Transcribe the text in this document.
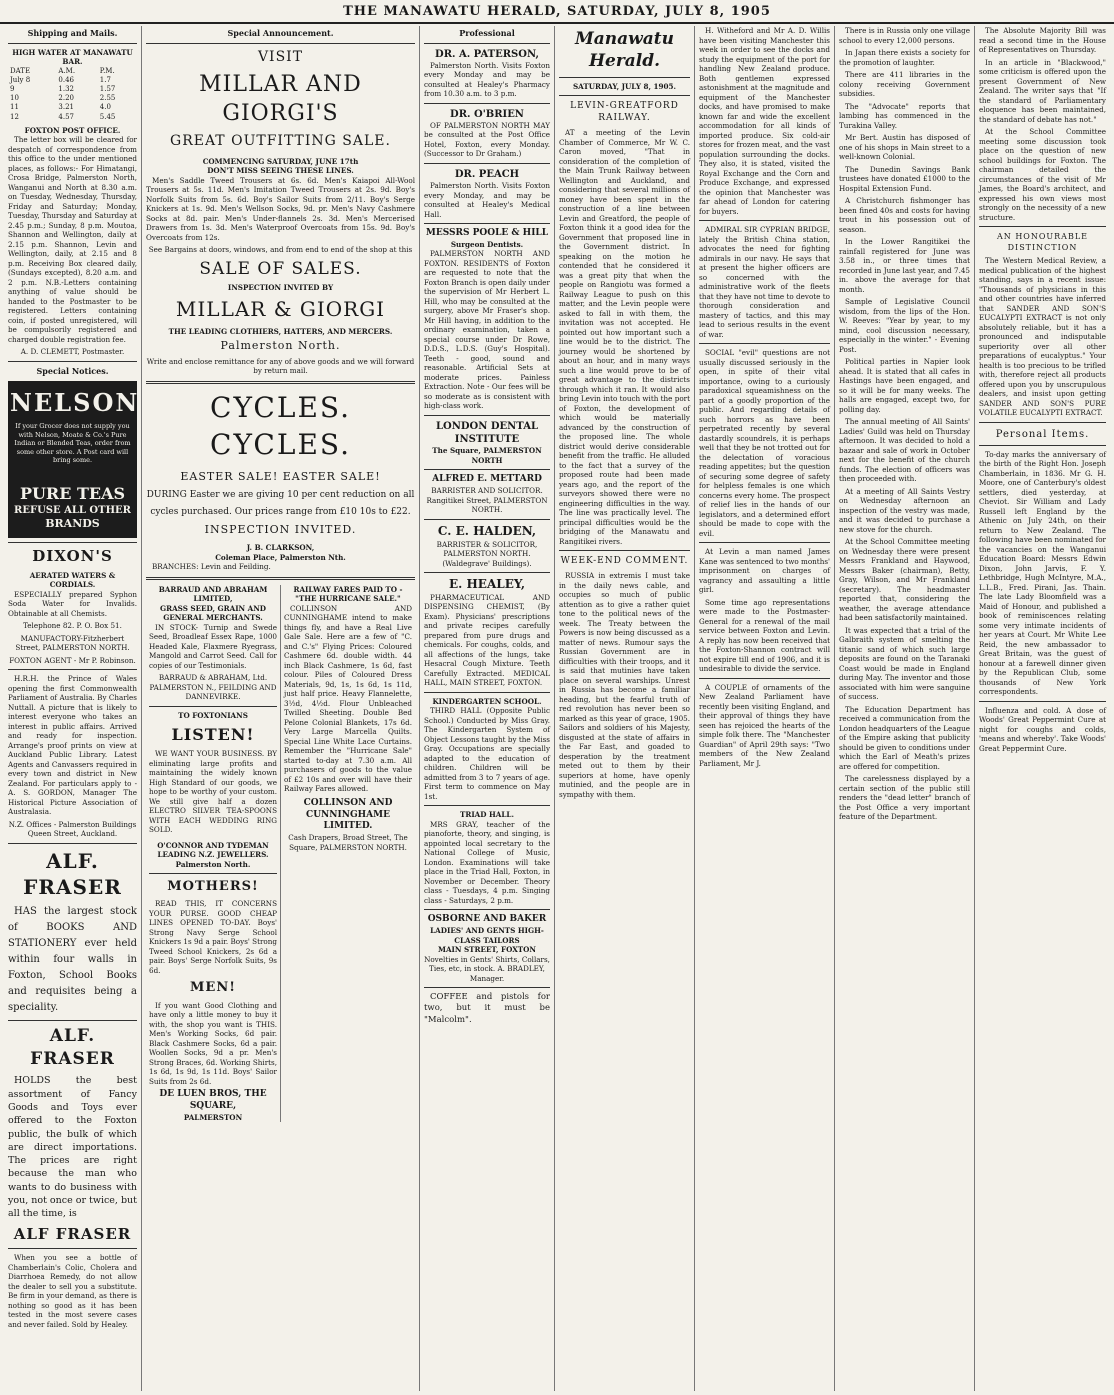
THE MANAWATU HERALD, SATURDAY, JULY 8, 1905
Shipping and Mails.
HIGH WATER AT MANAWATU BAR.
DATE	A.M.	P.M.
July 8	0.46	1.7
9	1.32	1.57
10	2.20	2.55
11	3.21	4.0
12	4.57	5.45
FOXTON POST OFFICE.

The letter box will be cleared for despatch of correspondence from this office to the under mentioned places, as follows:- For Himatangi, Crosa Bridge, Palmerston North, Wanganui and North at 8.30 a.m. on Tuesday, Wednesday, Thursday, Friday and Saturday; Monday, Tuesday, Thursday and Saturday at 2.45 p.m.; Sunday, 8 p.m. Moutoa, Shannon and Wellington, daily at 2.15 p.m. Shannon, Levin and Wellington, daily, at 2.15 and 8 p.m. Receiving Box cleared daily, (Sundays excepted), 8.20 a.m. and 2 p.m. N.B.-Letters containing anything of value should be handed to the Postmaster to be registered. Letters containing coin, if posted unregistered, will be compulsorily registered and charged double registration fee.

A. D. CLEMETT, Postmaster.

Special Notices.
NELSON
If your Grocer does not supply you with Nelson, Moate & Co.'s Pure Indian or Blended Teas, order from some other store. A Post card will bring some.
PURE TEAS
REFUSE ALL OTHER
BRANDS
DIXON'S
AERATED WATERS & CORDIALS.

ESPECIALLY prepared Syphon Soda Water for Invalids. Obtainable at all Chemists.

Telephone 82. P. O. Box 51.

MANUFACTORY-Fitzherbert Street, PALMERSTON NORTH.

FOXTON AGENT - Mr P. Robinson.

H.R.H. the Prince of Wales opening the first Commonwealth Parliament of Australia. By Charles Nuttall. A picture that is likely to interest everyone who takes an interest in public affairs. Arrived and ready for inspection. Arrange's proof prints on view at Auckland Public Library. Latest Agents and Canvassers required in every town and district in New Zealand. For particulars apply to - A. S. GORDON, Manager The Historical Picture Association of Australasia.

N.Z. Offices - Palmerston Buildings Queen Street, Auckland.

ALF. FRASER

HAS the largest stock of BOOKS AND STATIONERY ever held within four walls in Foxton, School Books and requisites being a speciality.

ALF. FRASER

HOLDS the best assortment of Fancy Goods and Toys ever offered to the Foxton public, the bulk of which are direct importations. The prices are right because the man who wants to do business with you, not once or twice, but all the time, is

ALF FRASER

When you see a bottle of Chamberlain's Colic, Cholera and Diarrhoea Remedy, do not allow the dealer to sell you a substitute. Be firm in your demand, as there is nothing so good as it has been tested in the most severe cases and never failed. Sold by Healey.

Special Announcement.
VISIT
MILLAR AND GIORGI'S
GREAT OUTFITTING SALE.
COMMENCING SATURDAY, JUNE 17th
DON'T MISS SEEING THESE LINES.

Men's Saddle Tweed Trousers at 6s. 6d. Men's Kaiapoi All-Wool Trousers at 5s. 11d. Men's Imitation Tweed Trousers at 2s. 9d. Boy's Norfolk Suits from 5s. 6d. Boy's Sailor Suits from 2/11. Boy's Serge Knickers at 1s. 9d. Men's Wellson Socks, 9d. pr. Men's Navy Cashmere Socks at 8d. pair. Men's Under-flannels 2s. 3d. Men's Mercerised Drawers from 1s. 3d. Men's Waterproof Overcoats from 15s. 9d. Boy's Overcoats from 12s.

See Bargains at doors, windows, and from end to end of the shop at this

SALE OF SALES.
INSPECTION INVITED BY
MILLAR & GIORGI
THE LEADING CLOTHIERS, HATTERS, AND MERCERS.
Palmerston North.

Write and enclose remittance for any of above goods and we will forward by return mail.

CYCLES. CYCLES.
EASTER SALE! EASTER SALE!

DURING Easter we are giving 10 per cent reduction on all cycles purchased. Our prices range from £10 10s to £22.

INSPECTION INVITED.
J. B. CLARKSON,
Coleman Place, Palmerston Nth.

BRANCHES: Levin and Feilding.

BARRAUD AND ABRAHAM LIMITED,
GRASS SEED, GRAIN AND GENERAL MERCHANTS.

IN STOCK- Turnip and Swede Seed, Broadleaf Essex Rape, 1000 Headed Kale, Flaxmere Ryegrass, Mangold and Carrot Seed. Call for copies of our Testimonials.

BARRAUD & ABRAHAM, Ltd. PALMERSTON N., FEILDING AND DANNEVIRKE.

TO FOXTONIANS
LISTEN!

WE WANT YOUR BUSINESS. BY eliminating large profits and maintaining the widely known High Standard of our goods, we hope to be worthy of your custom. We still give half a dozen ELECTRO SILVER TEA-SPOONS WITH EACH WEDDING RING SOLD.

O'CONNOR AND TYDEMAN
LEADING N.Z. JEWELLERS. Palmerston North.
MOTHERS!

READ THIS, IT CONCERNS YOUR PURSE. GOOD CHEAP LINES OPENED TO-DAY. Boys' Strong Navy Serge School Knickers 1s 9d a pair. Boys' Strong Tweed School Knickers, 2s 6d a pair. Boys' Serge Norfolk Suits, 9s 6d.

MEN!

If you want Good Clothing and have only a little money to buy it with, the shop you want is THIS. Men's Working Socks, 6d pair. Black Cashmere Socks, 6d a pair. Woollen Socks, 9d a pr. Men's Strong Braces, 6d. Working Shirts, 1s 6d, 1s 9d, 1s 11d. Boys' Sailor Suits from 2s 6d.

DE LUEN BROS, THE SQUARE,
PALMERSTON
RAILWAY FARES PAID TO - "THE HURRICANE SALE."

COLLINSON AND CUNNINGHAME intend to make things fly, and have a Real Live Gale Sale. Here are a few of "C. and C.'s" Flying Prices: Coloured Cashmere 6d. double width. 44 inch Black Cashmere, 1s 6d, fast colour. Piles of Coloured Dress Materials, 9d, 1s, 1s 6d, 1s 11d, just half price. Heavy Flannelette, 3½d, 4½d. Flour Unbleached Twilled Sheeting. Double Bed Pelone Colonial Blankets, 17s 6d. Very Large Marcella Quilts. Special Line White Lace Curtains. Remember the "Hurricane Sale" started to-day at 7.30 a.m. All purchasers of goods to the value of £2 10s and over will have their Railway Fares allowed.

COLLINSON AND CUNNINGHAME LIMITED.

Cash Drapers, Broad Street, The Square, PALMERSTON NORTH.

Professional
DR. A. PATERSON,

Palmerston North. Visits Foxton every Monday and may be consulted at Healey's Pharmacy from 10.30 a.m. to 3 p.m.

DR. O'BRIEN

OF PALMERSTON NORTH MAY be consulted at the Post Office Hotel, Foxton, every Monday. (Successor to Dr Graham.)

DR. PEACH

Palmerston North. Visits Foxton every Monday, and may be consulted at Healey's Medical Hall.

MESSRS POOLE & HILL
Surgeon Dentists.

PALMERSTON NORTH AND FOXTON. RESIDENTS of Foxton are requested to note that the Foxton Branch is open daily under the supervision of Mr Herbert L. Hill, who may be consulted at the surgery, above Mr Fraser's shop. Mr Hill having, in addition to the ordinary examination, taken a special course under Dr Rowe, D.D.S., L.D.S. (Guy's Hospital). Teeth - good, sound and reasonable. Artificial Sets at moderate prices. Painless Extraction. Note - Our fees will be so moderate as is consistent with high-class work.

LONDON DENTAL INSTITUTE
The Square, PALMERSTON NORTH
ALFRED E. METTARD

BARRISTER AND SOLICITOR. Rangitikei Street, PALMERSTON NORTH.

C. E. HALDEN,

BARRISTER & SOLICITOR, PALMERSTON NORTH. (Waldegrave' Buildings).

E. HEALEY,

PHARMACEUTICAL AND DISPENSING CHEMIST, (By Exam). Physicians' prescriptions and private recipes carefully prepared from pure drugs and chemicals. For coughs, colds, and all affections of the lungs, take Hesacral Cough Mixture. Teeth Carefully Extracted. MEDICAL HALL, MAIN STREET, FOXTON.

KINDERGARTEN SCHOOL.

THIRD HALL (Opposite Public School.) Conducted by Miss Gray. The Kindergarten System of Object Lessons taught by the Miss Gray. Occupations are specially adapted to the education of children. Children will be admitted from 3 to 7 years of age. First term to commence on May 1st.

TRIAD HALL.

MRS GRAY, teacher of the pianoforte, theory, and singing, is appointed local secretary to the National College of Music, London. Examinations will take place in the Triad Hall, Foxton, in November or December. Theory class - Tuesdays, 4 p.m. Singing class - Saturdays, 2 p.m.

OSBORNE AND BAKER
LADIES' AND GENTS HIGH-CLASS TAILORS
MAIN STREET, FOXTON

Novelties in Gents' Shirts, Collars, Ties, etc, in stock. A. BRADLEY, Manager.

COFFEE and pistols for two, but it must be "Malcolm".

Manawatu Herald.
SATURDAY, JULY 8, 1905.
LEVIN-GREATFORD RAILWAY.

AT a meeting of the Levin Chamber of Commerce, Mr W. C. Caron moved, "That in consideration of the completion of the Main Trunk Railway between Wellington and Auckland, and considering that several millions of money have been spent in the construction of a line between Levin and Greatford, the people of Foxton think it a good idea for the Government that proposed line in the Government district. In speaking on the motion he contended that he considered it was a great pity that when the people on Rangiotu was formed a Railway League to push on this matter, and the Levin people were asked to fall in with them, the invitation was not accepted. He pointed out how important such a line would be to the district. The journey would be shortened by about an hour, and in many ways such a line would prove to be of great advantage to the districts through which it ran. It would also bring Levin into touch with the port of Foxton, the development of which would be materially advanced by the construction of the proposed line. The whole district would derive considerable benefit from the traffic. He alluded to the fact that a survey of the proposed route had been made years ago, and the report of the surveyors showed there were no engineering difficulties in the way. The line was practically level. The principal difficulties would be the bridging of the Manawatu and Rangitikei rivers.

WEEK-END COMMENT.

RUSSIA in extremis I must take in the daily news cable, and occupies so much of public attention as to give a rather quiet tone to the political news of the week. The Treaty between the Powers is now being discussed as a matter of news. Rumour says the Russian Government are in difficulties with their troops, and it is said that mutinies have taken place on several warships. Unrest in Russia has become a familiar heading, but the fearful truth of red revolution has never been so marked as this year of grace, 1905. Sailors and soldiers of his Majesty, disgusted at the state of affairs in the Far East, and goaded to desperation by the treatment meted out to them by their superiors at home, have openly mutinied, and the people are in sympathy with them.

H. Witheford and Mr A. D. Willis have been visiting Manchester this week in order to see the docks and study the equipment of the port for handling New Zealand produce. Both gentlemen expressed astonishment at the magnitude and equipment of the Manchester docks, and have promised to make known far and wide the excellent accommodation for all kinds of imported produce. Six cold-air stores for frozen meat, and the vast population surrounding the docks. They also, it is stated, visited the Royal Exchange and the Corn and Produce Exchange, and expressed the opinion that Manchester was far ahead of London for catering for buyers.

ADMIRAL SIR CYPRIAN BRIDGE, lately the British China station, advocates the need for fighting admirals in our navy. He says that at present the higher officers are so concerned with the administrative work of the fleets that they have not time to devote to thorough consideration and mastery of tactics, and this may lead to serious results in the event of war.

SOCIAL "evil" questions are not usually discussed seriously in the open, in spite of their vital importance, owing to a curiously paradoxical squeamishness on the part of a goodly proportion of the public. And regarding details of such horrors as have been perpetrated recently by several dastardly scoundrels, it is perhaps well that they be not trotted out for the delectation of voracious reading appetites; but the question of securing some degree of safety for helpless females is one which concerns every home. The prospect of relief lies in the hands of our legislators, and a determined effort should be made to cope with the evil.

At Levin a man named James Kane was sentenced to two months' imprisonment on charges of vagrancy and assaulting a little girl.

Some time ago representations were made to the Postmaster-General for a renewal of the mail service between Foxton and Levin. A reply has now been received that the Foxton-Shannon contract will not expire till end of 1906, and it is undesirable to divide the service.

A COUPLE of ornaments of the New Zealand Parliament have recently been visiting England, and their approval of things they have seen has rejoiced the hearts of the simple folk there. The "Manchester Guardian" of April 29th says: "Two members of the New Zealand Parliament, Mr J.

There is in Russia only one village school to every 12,000 persons.

In Japan there exists a society for the promotion of laughter.

There are 411 libraries in the colony receiving Government subsidies.

The "Advocate" reports that lambing has commenced in the Turakina Valley.

Mr Bert. Austin has disposed of one of his shops in Main street to a well-known Colonial.

The Dunedin Savings Bank trustees have donated £1000 to the Hospital Extension Fund.

A Christchurch fishmonger has been fined 40s and costs for having trout in his possession out of season.

In the Lower Rangitikei the rainfall registered for June was 3.58 in., or three times that recorded in June last year, and 7.45 in. above the average for that month.

Sample of Legislative Council wisdom, from the lips of the Hon. W. Reeves: "Year by year, to my mind, cool discussion necessary, especially in the winter." - Evening Post.

Political parties in Napier look ahead. It is stated that all cafes in Hastings have been engaged, and so it will be for many weeks. The halls are engaged, except two, for polling day.

The annual meeting of All Saints' Ladies' Guild was held on Thursday afternoon. It was decided to hold a bazaar and sale of work in October next for the benefit of the church funds. The election of officers was then proceeded with.

At a meeting of All Saints Vestry on Wednesday afternoon an inspection of the vestry was made, and it was decided to purchase a new stove for the church.

At the School Committee meeting on Wednesday there were present Messrs Frankland and Haywood, Messrs Baker (chairman), Betty, Gray, Wilson, and Mr Frankland (secretary). The headmaster reported that, considering the weather, the average attendance had been satisfactorily maintained.

It was expected that a trial of the Galbraith system of smelting the titanic sand of which such large deposits are found on the Taranaki Coast would be made in England during May. The inventor and those associated with him were sanguine of success.

The Education Department has received a communication from the London headquarters of the League of the Empire asking that publicity should be given to conditions under which the Earl of Meath's prizes are offered for competition.

The carelessness displayed by a certain section of the public still renders the "dead letter" branch of the Post Office a very important feature of the Department.

The Absolute Majority Bill was read a second time in the House of Representatives on Thursday.

In an article in "Blackwood," some criticism is offered upon the present Government of New Zealand. The writer says that "If the standard of Parliamentary eloquence has been maintained, the standard of debate has not."

At the School Committee meeting some discussion took place on the question of new school buildings for Foxton. The chairman detailed the circumstances of the visit of Mr James, the Board's architect, and expressed his own views most strongly on the necessity of a new structure.

AN HONOURABLE DISTINCTION

The Western Medical Review, a medical publication of the highest standing, says in a recent issue: "Thousands of physicians in this and other countries have inferred that SANDER AND SON'S EUCALYPTI EXTRACT is not only absolutely reliable, but it has a pronounced and indisputable superiority over all other preparations of eucalyptus." Your health is too precious to be trifled with, therefore reject all products offered upon you by unscrupulous dealers, and insist upon getting SANDER AND SON'S PURE VOLATILE EUCALYPTI EXTRACT.

Personal Items.

To-day marks the anniversary of the birth of the Right Hon. Joseph Chamberlain, in 1836. Mr G. H. Moore, one of Canterbury's oldest settlers, died yesterday, at Cheviot. Sir William and Lady Russell left England by the Athenic on July 24th, on their return to New Zealand. The following have been nominated for the vacancies on the Wanganui Education Board: Messrs Edwin Dixon, John Jarvis, F. Y. Lethbridge, Hugh McIntyre, M.A., L.L.B., Fred. Pirani, Jas. Thain. The late Lady Bloomfield was a Maid of Honour, and published a book of reminiscences relating some very intimate incidents of her years at Court. Mr White Lee Reid, the new ambassador to Great Britain, was the guest of honour at a farewell dinner given by the Republican Club, some thousands of New York correspondents.

Influenza and cold. A dose of Woods' Great Peppermint Cure at night for coughs and colds, 'means and whereby'. Take Woods' Great Peppermint Cure.
